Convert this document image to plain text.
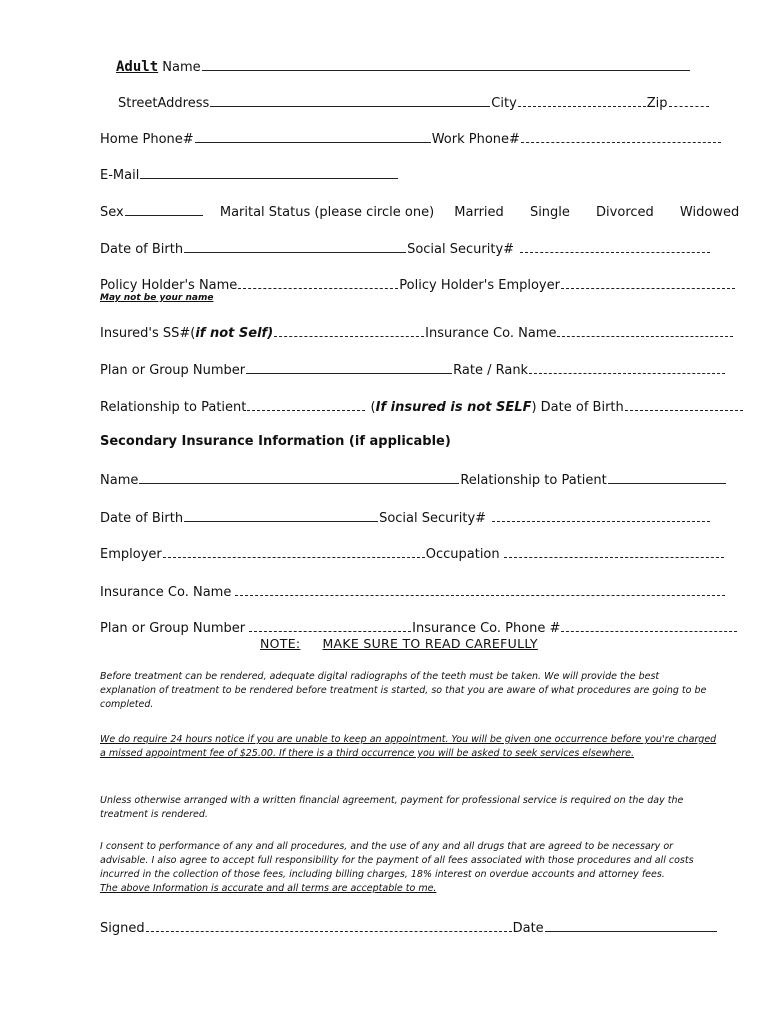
Adult Name
StreetAddress	City	Zip
Home Phone#	Work Phone#
E-Mail
Sex	Marital Status (please circle one) Married Single Divorced Widowed
Date of Birth	Social Security#
Policy Holder's Name	Policy Holder's Employer
May not be your name
Insured's SS#(if not Self)	Insurance Co. Name
Plan or Group Number	Rate / Rank
Relationship to Patient	(If insured is not SELF) Date of Birth
Secondary Insurance Information (if applicable)
Name	Relationship to Patient
Date of Birth	Social Security#
Employer	Occupation
Insurance Co. Name
Plan or Group Number	Insurance Co. Phone #
NOTE: MAKE SURE TO READ CAREFULLY
Before treatment can be rendered, adequate digital radiographs of the teeth must be taken. We will provide the best explanation of treatment to be rendered before treatment is started, so that you are aware of what procedures are going to be completed.
We do require 24 hours notice if you are unable to keep an appointment. You will be given one occurrence before you're charged a missed appointment fee of $25.00. If there is a third occurrence you will be asked to seek services elsewhere.
Unless otherwise arranged with a written financial agreement, payment for professional service is required on the day the treatment is rendered.
I consent to performance of any and all procedures, and the use of any and all drugs that are agreed to be necessary or advisable. I also agree to accept full responsibility for the payment of all fees associated with those procedures and all costs incurred in the collection of those fees, including billing charges, 18% interest on overdue accounts and attorney fees.
The above Information is accurate and all terms are acceptable to me.
Signed	Date
